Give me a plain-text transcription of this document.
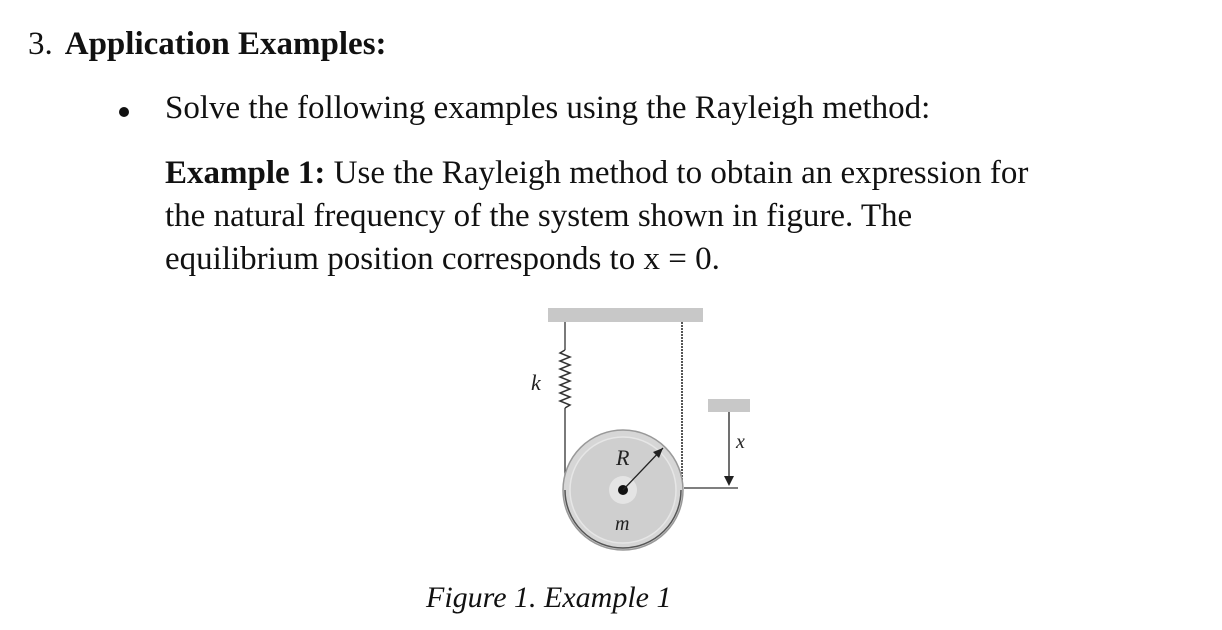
3. Application Examples:
Solve the following examples using the Rayleigh method:
Example 1: Use the Rayleigh method to obtain an expression for
the natural frequency of the system shown in figure. The
equilibrium position corresponds to x = 0.
k
R
m
x
Figure 1. Example 1
